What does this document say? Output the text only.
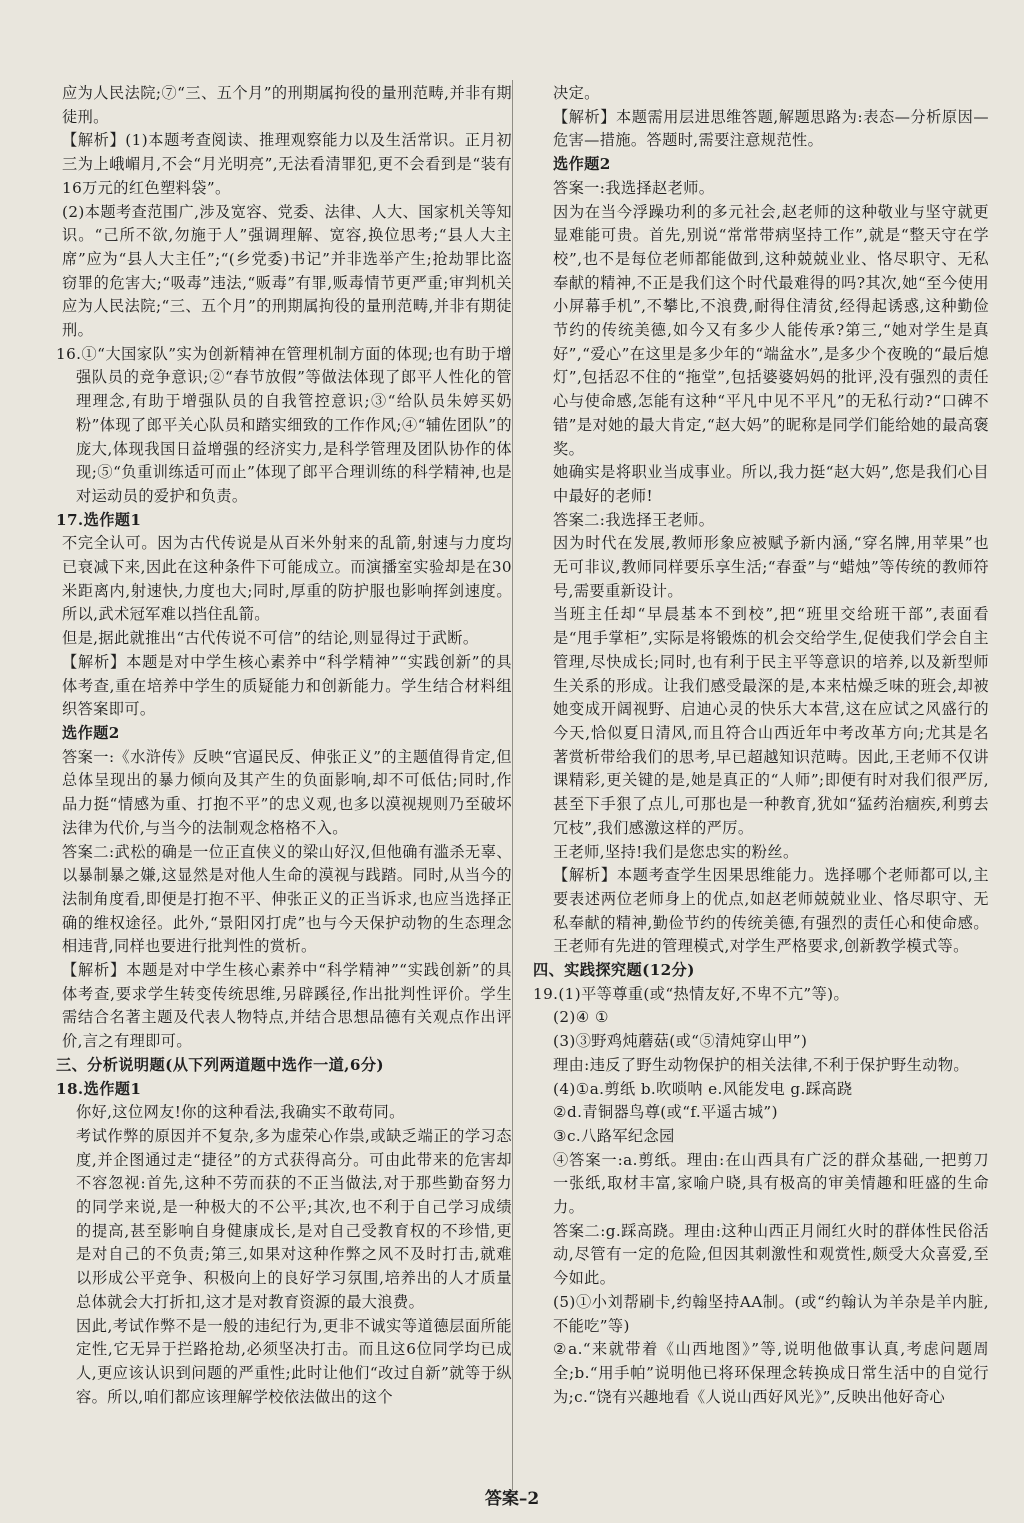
应为人民法院;⑦“三、五个月”的刑期属拘役的量刑范畴,并非有期徒刑。

【解析】(1)本题考查阅读、推理观察能力以及生活常识。正月初三为上峨嵋月,不会“月光明亮”,无法看清罪犯,更不会看到是“装有16万元的红色塑料袋”。

(2)本题考查范围广,涉及宽容、党委、法律、人大、国家机关等知识。“己所不欲,勿施于人”强调理解、宽容,换位思考;“县人大主席”应为“县人大主任”;“(乡党委)书记”并非选举产生;抢劫罪比盗窃罪的危害大;“吸毒”违法,“贩毒”有罪,贩毒情节更严重;审判机关应为人民法院;“三、五个月”的刑期属拘役的量刑范畴,并非有期徒刑。

16.①“大国家队”实为创新精神在管理机制方面的体现;也有助于增强队员的竞争意识;②“春节放假”等做法体现了郎平人性化的管理理念,有助于增强队员的自我管控意识;③“给队员朱婷买奶粉”体现了郎平关心队员和踏实细致的工作作风;④“辅佐团队”的庞大,体现我国日益增强的经济实力,是科学管理及团队协作的体现;⑤“负重训练适可而止”体现了郎平合理训练的科学精神,也是对运动员的爱护和负责。

17.选作题1

不完全认可。因为古代传说是从百米外射来的乱箭,射速与力度均已衰减下来,因此在这种条件下可能成立。而演播室实验却是在30米距离内,射速快,力度也大;同时,厚重的防护服也影响挥剑速度。所以,武术冠军难以挡住乱箭。

但是,据此就推出“古代传说不可信”的结论,则显得过于武断。

【解析】本题是对中学生核心素养中“科学精神”“实践创新”的具体考查,重在培养中学生的质疑能力和创新能力。学生结合材料组织答案即可。

选作题2

答案一:《水浒传》反映“官逼民反、伸张正义”的主题值得肯定,但总体呈现出的暴力倾向及其产生的负面影响,却不可低估;同时,作品力挺“情感为重、打抱不平”的忠义观,也多以漠视规则乃至破坏法律为代价,与当今的法制观念格格不入。

答案二:武松的确是一位正直侠义的梁山好汉,但他确有滥杀无辜、以暴制暴之嫌,这显然是对他人生命的漠视与践踏。同时,从当今的法制角度看,即便是打抱不平、伸张正义的正当诉求,也应当选择正确的维权途径。此外,“景阳冈打虎”也与今天保护动物的生态理念相违背,同样也要进行批判性的赏析。

【解析】本题是对中学生核心素养中“科学精神”“实践创新”的具体考查,要求学生转变传统思维,另辟蹊径,作出批判性评价。学生需结合名著主题及代表人物特点,并结合思想品德有关观点作出评价,言之有理即可。

三、分析说明题(从下列两道题中选作一道,6分)

18.选作题1

你好,这位网友!你的这种看法,我确实不敢苟同。

考试作弊的原因并不复杂,多为虚荣心作祟,或缺乏端正的学习态度,并企图通过走“捷径”的方式获得高分。可由此带来的危害却不容忽视:首先,这种不劳而获的不正当做法,对于那些勤奋努力的同学来说,是一种极大的不公平;其次,也不利于自己学习成绩的提高,甚至影响自身健康成长,是对自己受教育权的不珍惜,更是对自己的不负责;第三,如果对这种作弊之风不及时打击,就难以形成公平竞争、积极向上的良好学习氛围,培养出的人才质量总体就会大打折扣,这才是对教育资源的最大浪费。

因此,考试作弊不是一般的违纪行为,更非不诚实等道德层面所能定性,它无异于拦路抢劫,必须坚决打击。而且这6位同学均已成人,更应该认识到问题的严重性;此时让他们“改过自新”就等于纵容。所以,咱们都应该理解学校依法做出的这个

决定。

【解析】本题需用层进思维答题,解题思路为:表态—分析原因—危害—措施。答题时,需要注意规范性。

选作题2

答案一:我选择赵老师。

因为在当今浮躁功利的多元社会,赵老师的这种敬业与坚守就更显难能可贵。首先,别说“常常带病坚持工作”,就是“整天守在学校”,也不是每位老师都能做到,这种兢兢业业、恪尽职守、无私奉献的精神,不正是我们这个时代最难得的吗?其次,她“至今使用小屏幕手机”,不攀比,不浪费,耐得住清贫,经得起诱惑,这种勤俭节约的传统美德,如今又有多少人能传承?第三,“她对学生是真好”,“爱心”在这里是多少年的“端盆水”,是多少个夜晚的“最后熄灯”,包括忍不住的“拖堂”,包括婆婆妈妈的批评,没有强烈的责任心与使命感,怎能有这种“平凡中见不平凡”的无私行动?“口碑不错”是对她的最大肯定,“赵大妈”的昵称是同学们能给她的最高褒奖。

她确实是将职业当成事业。所以,我力挺“赵大妈”,您是我们心目中最好的老师!

答案二:我选择王老师。

因为时代在发展,教师形象应被赋予新内涵,“穿名牌,用苹果”也无可非议,教师同样要乐享生活;“春蚕”与“蜡烛”等传统的教师符号,需要重新设计。

当班主任却“早晨基本不到校”,把“班里交给班干部”,表面看是“甩手掌柜”,实际是将锻炼的机会交给学生,促使我们学会自主管理,尽快成长;同时,也有利于民主平等意识的培养,以及新型师生关系的形成。让我们感受最深的是,本来枯燥乏味的班会,却被她变成开阔视野、启迪心灵的快乐大本营,这在应试之风盛行的今天,恰似夏日清风,而且符合山西近年中考改革方向;尤其是名著赏析带给我们的思考,早已超越知识范畴。因此,王老师不仅讲课精彩,更关键的是,她是真正的“人师”;即便有时对我们很严厉,甚至下手狠了点儿,可那也是一种教育,犹如“猛药治痼疾,利剪去冗枝”,我们感激这样的严厉。

王老师,坚持!我们是您忠实的粉丝。

【解析】本题考查学生因果思维能力。选择哪个老师都可以,主要表述两位老师身上的优点,如赵老师兢兢业业、恪尽职守、无私奉献的精神,勤俭节约的传统美德,有强烈的责任心和使命感。王老师有先进的管理模式,对学生严格要求,创新教学模式等。

四、实践探究题(12分)

19.(1)平等尊重(或“热情友好,不卑不亢”等)。

(2)④ ①

(3)③野鸡炖蘑菇(或“⑤清炖穿山甲”)

理由:违反了野生动物保护的相关法律,不利于保护野生动物。

(4)①a.剪纸 b.吹唢呐 e.风能发电 g.踩高跷

②d.青铜器鸟尊(或“f.平遥古城”)

③c.八路军纪念园

④答案一:a.剪纸。理由:在山西具有广泛的群众基础,一把剪刀一张纸,取材丰富,家喻户晓,具有极高的审美情趣和旺盛的生命力。

答案二:g.踩高跷。理由:这种山西正月闹红火时的群体性民俗活动,尽管有一定的危险,但因其刺激性和观赏性,颇受大众喜爱,至今如此。

(5)①小刘帮刷卡,约翰坚持AA制。(或“约翰认为羊杂是羊内脏,不能吃”等)

②a.“来就带着《山西地图》”等,说明他做事认真,考虑问题周全;b.“用手帕”说明他已将环保理念转换成日常生活中的自觉行为;c.“饶有兴趣地看《人说山西好风光》”,反映出他好奇心

答案–2
